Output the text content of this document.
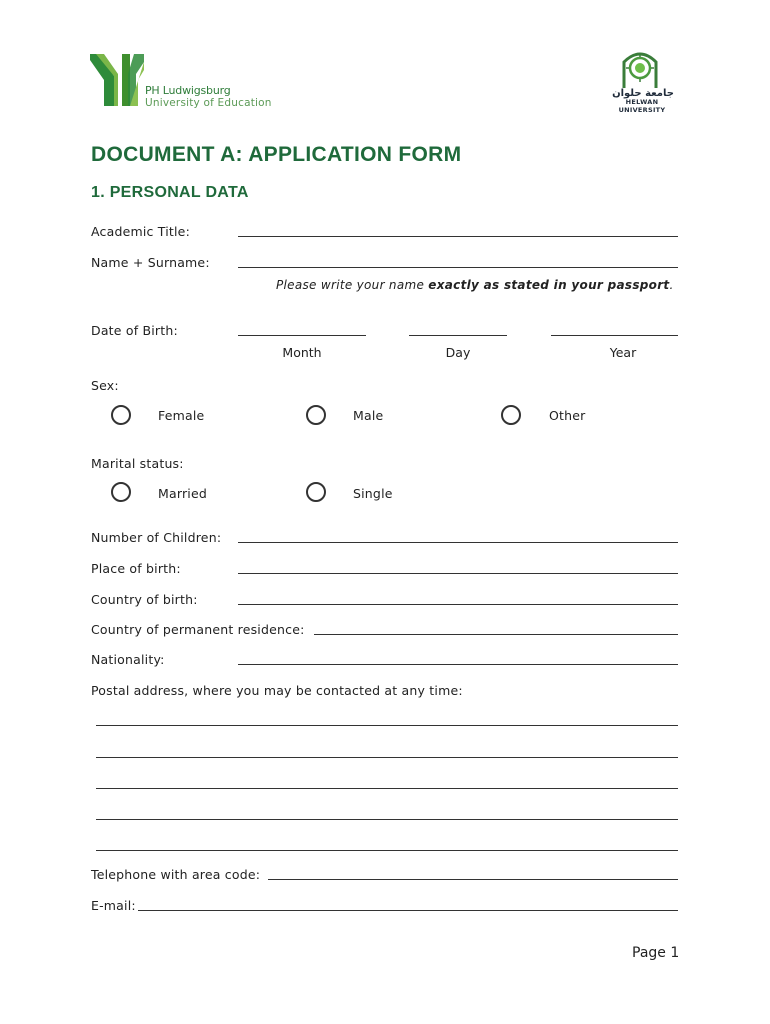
PH Ludwigsburg
University of Education
جامعة حلوان
HELWAN UNIVERSITY
DOCUMENT A: APPLICATION FORM
1. PERSONAL DATA
Academic Title:
Name + Surname:
Please write your name exactly as stated in your passport.
Date of Birth:
Month	Day	Year
Sex:
Female	Male	Other
Marital status:
Married	Single
Number of Children:
Place of birth:
Country of birth:
Country of permanent residence:
Nationality:
Postal address, where you may be contacted at any time:
Telephone with area code:
E-mail:
Page 1
